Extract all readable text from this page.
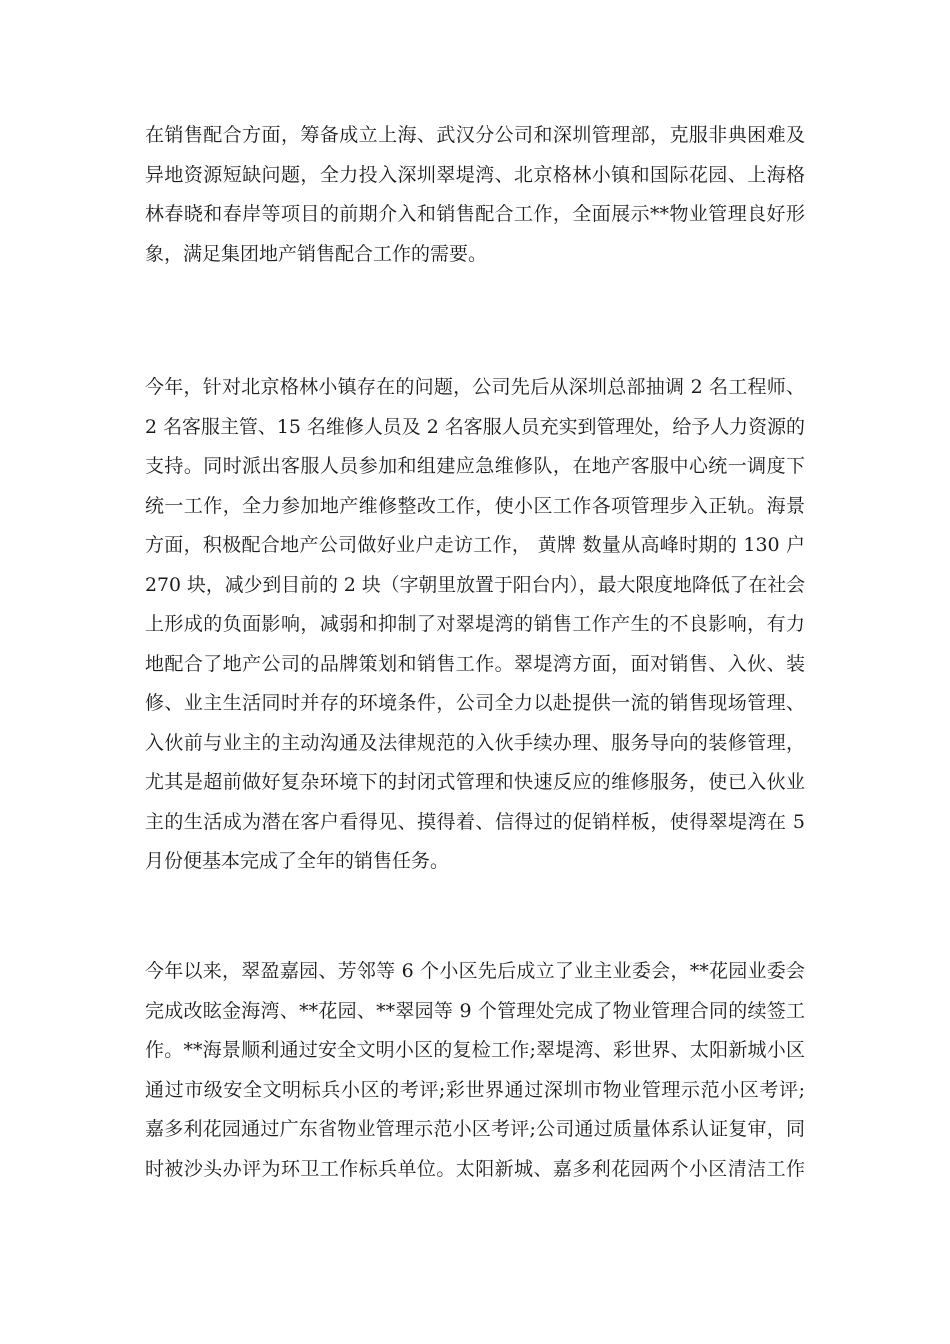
在销售配合方面，筹备成立上海、武汉分公司和深圳管理部，克服非典困难及
异地资源短缺问题，全力投入深圳翠堤湾、北京格林小镇和国际花园、上海格
林春晓和春岸等项目的前期介入和销售配合工作，全面展示**物业管理良好形
象，满足集团地产销售配合工作的需要。
今年，针对北京格林小镇存在的问题，公司先后从深圳总部抽调 2 名工程师、
2 名客服主管、15 名维修人员及 2 名客服人员充实到管理处，给予人力资源的
支持。同时派出客服人员参加和组建应急维修队，在地产客服中心统一调度下
统一工作，全力参加地产维修整改工作，使小区工作各项管理步入正轨。海景
方面，积极配合地产公司做好业户走访工作， 黄牌 数量从高峰时期的 130 户
270 块，减少到目前的 2 块（字朝里放置于阳台内），最大限度地降低了在社会
上形成的负面影响，减弱和抑制了对翠堤湾的销售工作产生的不良影响，有力
地配合了地产公司的品牌策划和销售工作。翠堤湾方面，面对销售、入伙、装
修、业主生活同时并存的环境条件，公司全力以赴提供一流的销售现场管理、
入伙前与业主的主动沟通及法律规范的入伙手续办理、服务导向的装修管理，
尤其是超前做好复杂环境下的封闭式管理和快速反应的维修服务，使已入伙业
主的生活成为潜在客户看得见、摸得着、信得过的促销样板，使得翠堤湾在 5
月份便基本完成了全年的销售任务。
今年以来，翠盈嘉园、芳邻等 6 个小区先后成立了业主业委会，**花园业委会
完成改眩金海湾、**花园、**翠园等 9 个管理处完成了物业管理合同的续签工
作。**海景顺利通过安全文明小区的复检工作;翠堤湾、彩世界、太阳新城小区
通过市级安全文明标兵小区的考评;彩世界通过深圳市物业管理示范小区考评;
嘉多利花园通过广东省物业管理示范小区考评;公司通过质量体系认证复审，同
时被沙头办评为环卫工作标兵单位。太阳新城、嘉多利花园两个小区清洁工作
